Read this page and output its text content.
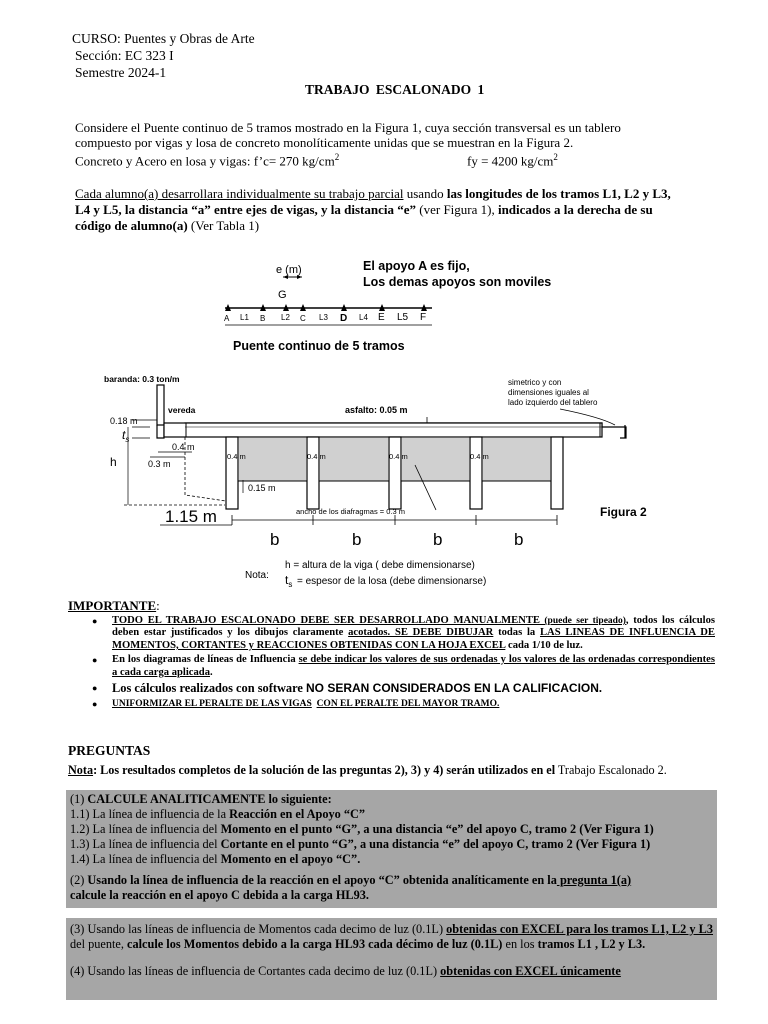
CURSO: Puentes y Obras de Arte
Sección: EC 323 I
Semestre 2024-1
TRABAJO ESCALONADO 1
Considere el Puente continuo de 5 tramos mostrado en la Figura 1, cuya sección transversal es un tablero
compuesto por vigas y losa de concreto monolíticamente unidas que se muestran en la Figura 2.
Concreto y Acero en losa y vigas: f’c= 270 $kg/cm^2$	fy = 4200 $kg/cm^2$
Cada alumno(a) desarrollara individualmente su trabajo parcial usando las longitudes de los tramos L1, L2 y L3,
L4 y L5, la distancia “a” entre ejes de vigas, y la distancia “e” (ver Figura 1), indicados a la derecha de su
código de alumno(a) (Ver Tabla 1)
e (m)
G
El apoyo A es fijo,
Los demas apoyos son moviles
A	B	C	D	E	F
L1	L2	L3	L4	L5
Puente continuo de 5 tramos
baranda: 0.3 ton/m
vereda	asfalto: 0.05 m
simetrico y con
dimensiones iguales al
lado izquierdo del tablero
0.4 m	0.4 m	0.4 m	0.4 m
0.18 m
$t_s$
h
0.4 m
0.3 m
0.15 m
ancho de los diafragmas = 0.3 m
1.15 m
b	b	b	b
Figura 2
Nota:
h = altura de la viga ( debe dimensionarse)
$t_s$ = espesor de la losa (debe dimensionarse)
IMPORTANTE:
● TODO EL TRABAJO ESCALONADO DEBE SER DESARROLLADO MANUALMENTE (puede ser tipeado), todos los cálculos deben estar justificados y los dibujos claramente acotados. SE DEBE DIBUJAR todas la LAS LINEAS DE INFLUENCIA DE MOMENTOS, CORTANTES y REACCIONES OBTENIDAS CON LA HOJA EXCEL cada 1/10 de luz.
● En los diagramas de líneas de Influencia se debe indicar los valores de sus ordenadas y los valores de las ordenadas correspondientes a cada carga aplicada.
● Los cálculos realizados con software NO SERAN CONSIDERADOS EN LA CALIFICACION.
● UNIFORMIZAR EL PERALTE DE LAS VIGAS CON EL PERALTE DEL MAYOR TRAMO.
PREGUNTAS
Nota: Los resultados completos de la solución de las preguntas 2), 3) y 4) serán utilizados en el Trabajo Escalonado 2.
(1) CALCULE ANALITICAMENTE lo siguiente:
1.1) La línea de influencia de la Reacción en el Apoyo “C”
1.2) La línea de influencia del Momento en el punto “G”, a una distancia “e” del apoyo C, tramo 2 (Ver Figura 1)
1.3) La línea de influencia del Cortante en el punto “G”, a una distancia “e” del apoyo C, tramo 2 (Ver Figura 1)
1.4) La línea de influencia del Momento en el apoyo “C”.
(2) Usando la línea de influencia de la reacción en el apoyo “C” obtenida analíticamente en la pregunta 1(a)
calcule la reacción en el apoyo C debida a la carga HL93.
(3) Usando las líneas de influencia de Momentos cada decimo de luz (0.1L) obtenidas con EXCEL para los tramos L1, L2 y L3 del puente, calcule los Momentos debido a la carga HL93 cada décimo de luz (0.1L) en los tramos L1 , L2 y L3.
(4) Usando las líneas de influencia de Cortantes cada decimo de luz (0.1L) obtenidas con EXCEL únicamente
